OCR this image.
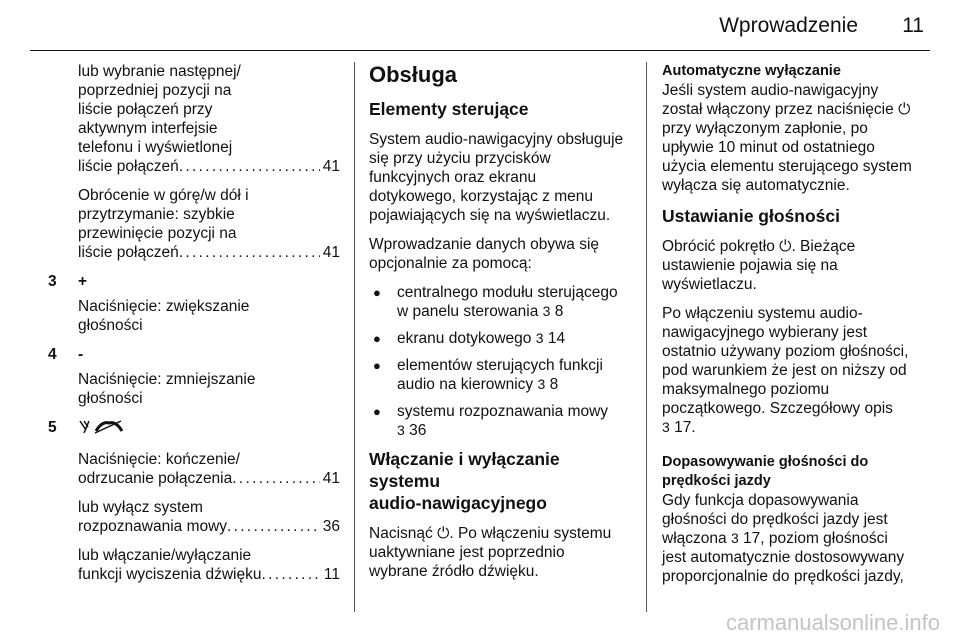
Wprowadzenie 11

lub wybranie następnej/
poprzedniej pozycji na
liście połączeń przy
aktywnym interfejsie
telefonu i wyświetlonej
liście połączeń . . .	41

Obrócenie w górę/w dół i
przytrzymanie: szybkie
przewinięcie pozycji na
liście połączeń . . .	41

3 +

Naciśnięcie: zwiększanie
głośności

4 -

Naciśnięcie: zmniejszanie
głośności

5

Naciśnięcie: kończenie/
odrzucanie połączenia . . .	41

lub wyłącz system
rozpoznawania mowy . . .	36

lub włączanie/wyłączanie
funkcji wyciszenia dźwięku . . .	11

Obsługa
Elementy sterujące

System audio-nawigacyjny obsługuje
się przy użyciu przycisków
funkcyjnych oraz ekranu
dotykowego, korzystając z menu
pojawiających się na wyświetlaczu.

Wprowadzanie danych obywa się
opcjonalnie za pomocą:

● centralnego modułu sterującego
w panelu sterowania 3 8
● ekranu dotykowego 3 14
● elementów sterujących funkcji
audio na kierownicy 3 8
● systemu rozpoznawania mowy
3 36
Włączanie i wyłączanie systemu
audio-nawigacyjnego

Nacisnąć ⏻. Po włączeniu systemu
uaktywniane jest poprzednio
wybrane źródło dźwięku.

Automatyczne wyłączanie

Jeśli system audio-nawigacyjny
został włączony przez naciśnięcie ⏻
przy wyłączonym zapłonie, po
upływie 10 minut od ostatniego
użycia elementu sterującego system
wyłącza się automatycznie.

Ustawianie głośności

Obrócić pokrętło ⏻. Bieżące
ustawienie pojawia się na
wyświetlaczu.

Po włączeniu systemu audio-
nawigacyjnego wybierany jest
ostatnio używany poziom głośności,
pod warunkiem że jest on niższy od
maksymalnego poziomu
początkowego. Szczegółowy opis
3 17.

Dopasowywanie głośności do
prędkości jazdy

Gdy funkcja dopasowywania
głośności do prędkości jazdy jest
włączona 3 17, poziom głośności
jest automatycznie dostosowywany
proporcjonalnie do prędkości jazdy,

carmanualsonline.info
